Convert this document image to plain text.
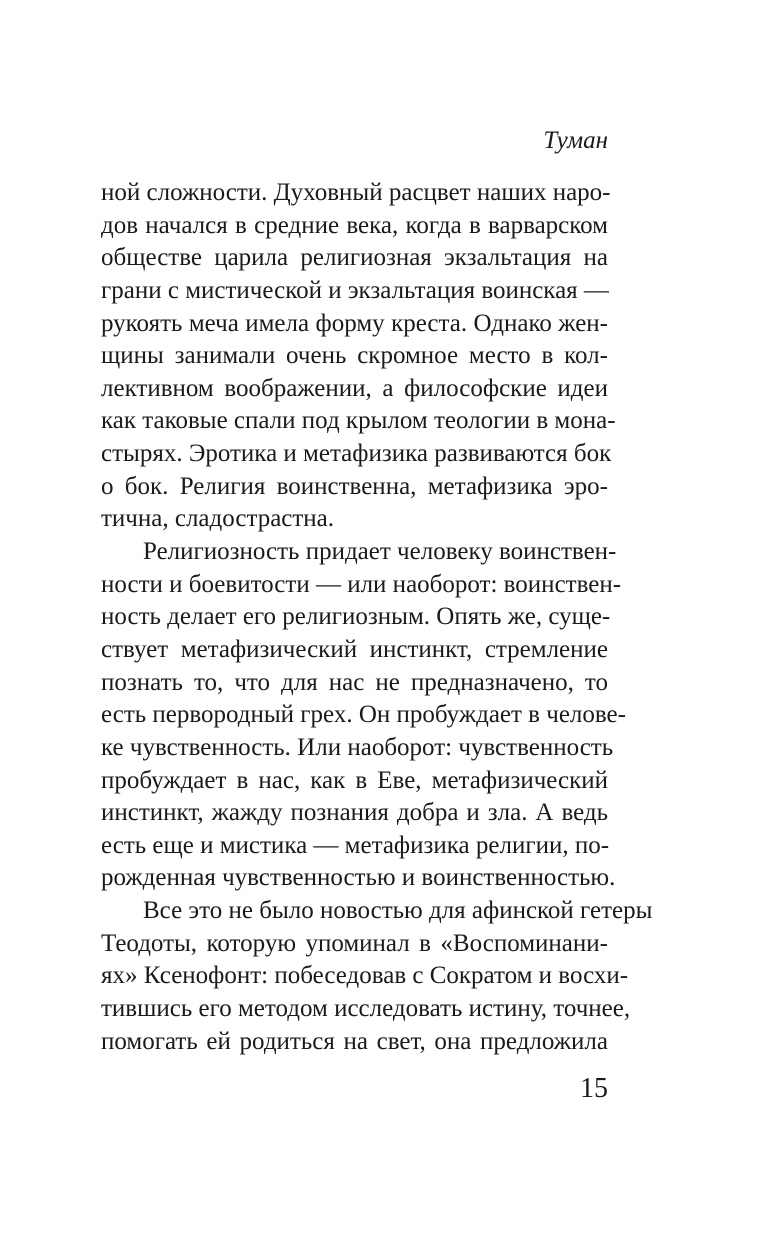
Туман
ной сложности. Духовный расцвет наших наро-
дов начался в средние века, когда в варварском
обществе царила религиозная экзальтация на
грани с мистической и экзальтация воинская —
рукоять меча имела форму креста. Однако жен-
щины занимали очень скромное место в кол-
лективном воображении, а философские идеи
как таковые спали под крылом теологии в мона-
стырях. Эротика и метафизика развиваются бок
о бок. Религия воинственна, метафизика эро-
тична, сладострастна.
Религиозность придает человеку воинствен-
ности и боевитости — или наоборот: воинствен-
ность делает его религиозным. Опять же, суще-
ствует метафизический инстинкт, стремление
познать то, что для нас не предназначено, то
есть первородный грех. Он пробуждает в челове-
ке чувственность. Или наоборот: чувственность
пробуждает в нас, как в Еве, метафизический
инстинкт, жажду познания добра и зла. А ведь
есть еще и мистика — метафизика религии, по-
рожденная чувственностью и воинственностью.
Все это не было новостью для афинской гетеры
Теодоты, которую упоминал в «Воспоминани-
ях» Ксенофонт: побеседовав с Сократом и восхи-
тившись его методом исследовать истину, точнее,
помогать ей родиться на свет, она предложила
15
